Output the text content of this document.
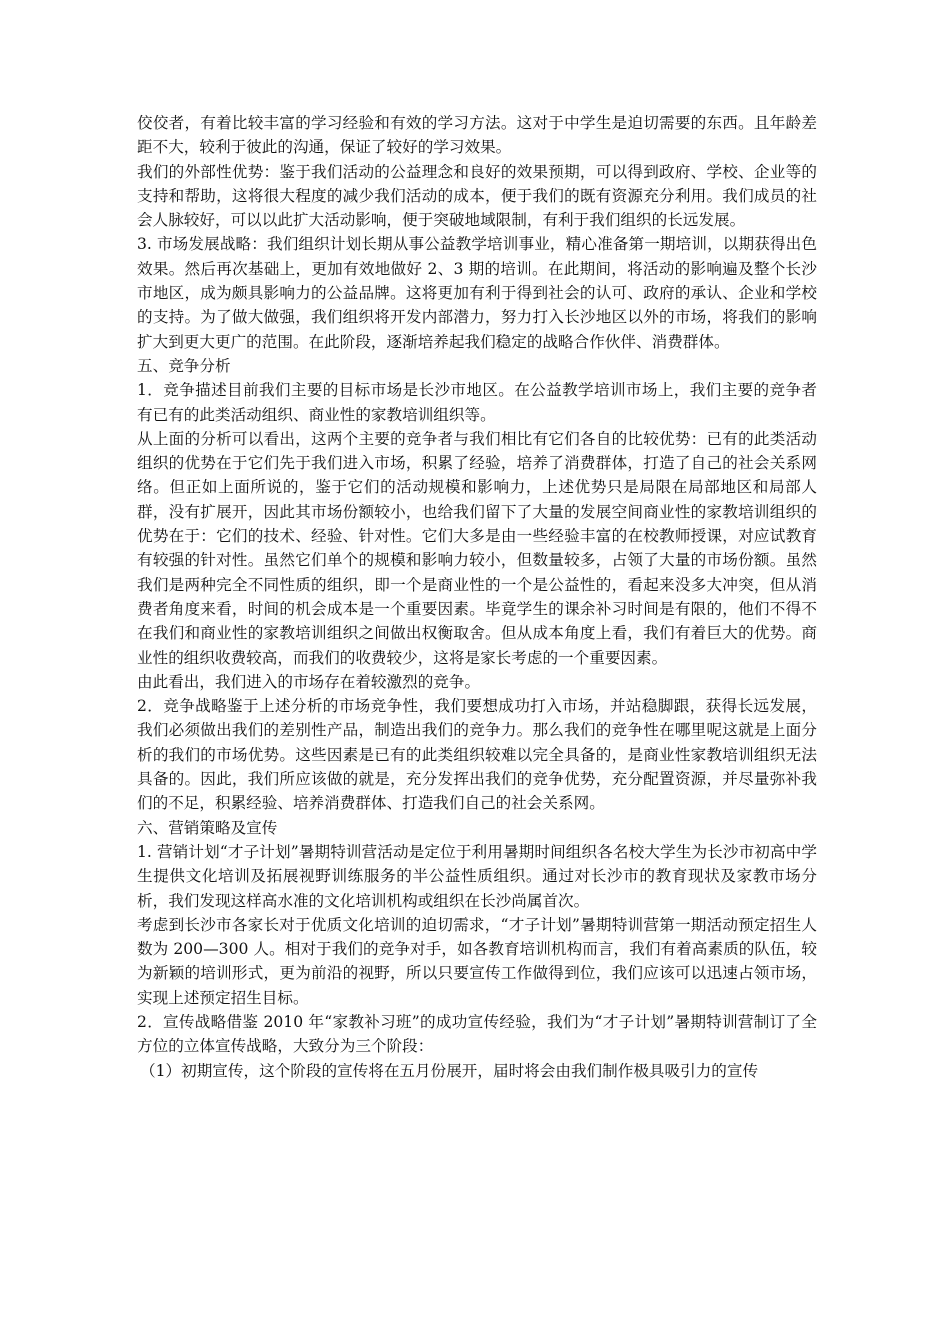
佼佼者，有着比较丰富的学习经验和有效的学习方法。这对于中学生是迫切需要的东西。且年龄差距不大，较利于彼此的沟通，保证了较好的学习效果。

我们的外部性优势：鉴于我们活动的公益理念和良好的效果预期，可以得到政府、学校、企业等的支持和帮助，这将很大程度的减少我们活动的成本，便于我们的既有资源充分利用。我们成员的社会人脉较好，可以以此扩大活动影响，便于突破地域限制，有利于我们组织的长远发展。

3. 市场发展战略：我们组织计划长期从事公益教学培训事业，精心准备第一期培训，以期获得出色效果。然后再次基础上，更加有效地做好 2、3 期的培训。在此期间，将活动的影响遍及整个长沙市地区，成为颇具影响力的公益品牌。这将更加有利于得到社会的认可、政府的承认、企业和学校的支持。为了做大做强，我们组织将开发内部潜力，努力打入长沙地区以外的市场，将我们的影响扩大到更大更广的范围。在此阶段，逐渐培养起我们稳定的战略合作伙伴、消费群体。

五、竞争分析

1．竞争描述目前我们主要的目标市场是长沙市地区。在公益教学培训市场上，我们主要的竞争者有已有的此类活动组织、商业性的家教培训组织等。

从上面的分析可以看出，这两个主要的竞争者与我们相比有它们各自的比较优势：已有的此类活动组织的优势在于它们先于我们进入市场，积累了经验，培养了消费群体，打造了自己的社会关系网络。但正如上面所说的，鉴于它们的活动规模和影响力，上述优势只是局限在局部地区和局部人群，没有扩展开，因此其市场份额较小，也给我们留下了大量的发展空间商业性的家教培训组织的优势在于：它们的技术、经验、针对性。它们大多是由一些经验丰富的在校教师授课，对应试教育有较强的针对性。虽然它们单个的规模和影响力较小，但数量较多，占领了大量的市场份额。虽然我们是两种完全不同性质的组织，即一个是商业性的一个是公益性的，看起来没多大冲突，但从消费者角度来看，时间的机会成本是一个重要因素。毕竟学生的课余补习时间是有限的，他们不得不在我们和商业性的家教培训组织之间做出权衡取舍。但从成本角度上看，我们有着巨大的优势。商业性的组织收费较高，而我们的收费较少，这将是家长考虑的一个重要因素。

由此看出，我们进入的市场存在着较激烈的竞争。

2．竞争战略鉴于上述分析的市场竞争性，我们要想成功打入市场，并站稳脚跟，获得长远发展，我们必须做出我们的差别性产品，制造出我们的竞争力。那么我们的竞争性在哪里呢这就是上面分析的我们的市场优势。这些因素是已有的此类组织较难以完全具备的，是商业性家教培训组织无法具备的。因此，我们所应该做的就是，充分发挥出我们的竞争优势，充分配置资源，并尽量弥补我们的不足，积累经验、培养消费群体、打造我们自己的社会关系网。

六、营销策略及宣传

1. 营销计划“才子计划”暑期特训营活动是定位于利用暑期时间组织各名校大学生为长沙市初高中学生提供文化培训及拓展视野训练服务的半公益性质组织。通过对长沙市的教育现状及家教市场分析，我们发现这样高水准的文化培训机构或组织在长沙尚属首次。

考虑到长沙市各家长对于优质文化培训的迫切需求，“才子计划”暑期特训营第一期活动预定招生人数为 200—300 人。相对于我们的竞争对手，如各教育培训机构而言，我们有着高素质的队伍，较为新颖的培训形式，更为前沿的视野，所以只要宣传工作做得到位，我们应该可以迅速占领市场，实现上述预定招生目标。

2．宣传战略借鉴 2010 年“家教补习班”的成功宣传经验，我们为“才子计划”暑期特训营制订了全方位的立体宣传战略，大致分为三个阶段：

（1）初期宣传，这个阶段的宣传将在五月份展开，届时将会由我们制作极具吸引力的宣传
